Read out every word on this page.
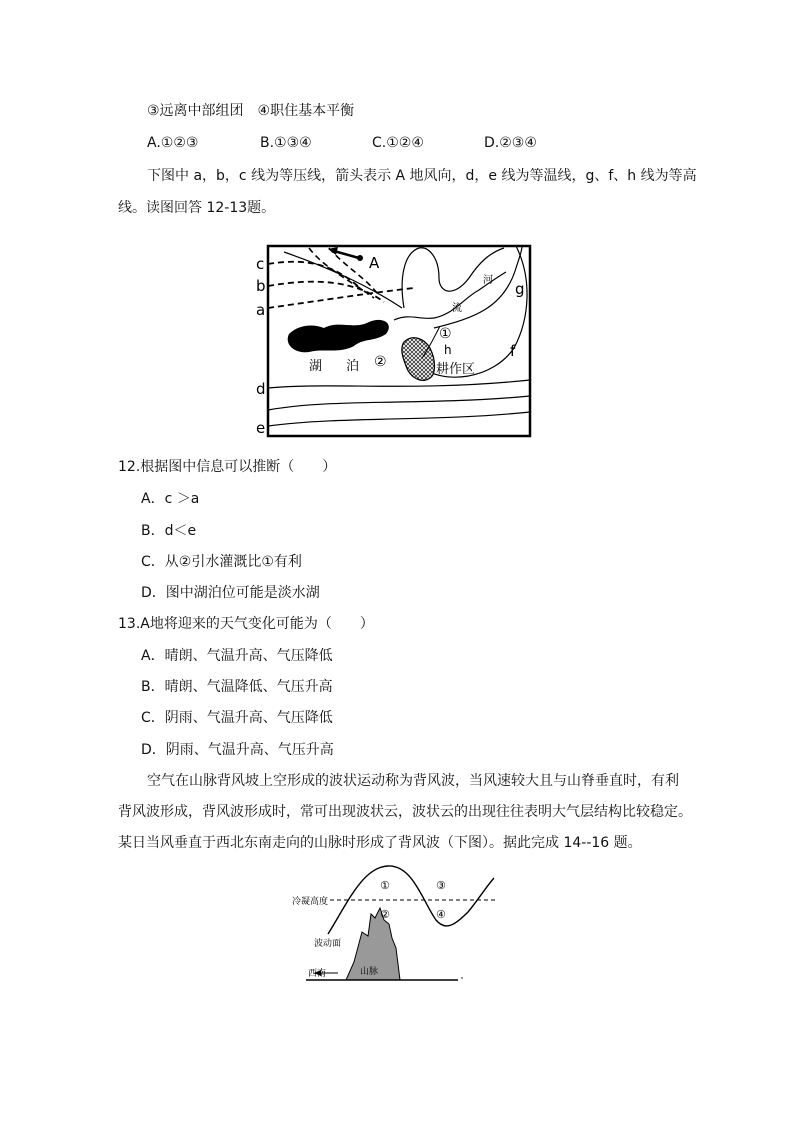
③远离中部组团　④职住基本平衡
A.①②③	B.①③④	C.①②④	D.②③④
下图中 a，b，c 线为等压线，箭头表示 A 地风向，d，e 线为等温线，g、f、h 线为等高
线。读图回答 12-13题。
c
b
a
d
e
A
g
f
h
①
②
湖 泊	耕作区
河
流
12.根据图中信息可以推断（　　）
A．c ＞a
B．d＜e
C．从②引水灌溉比①有利
D．图中湖泊位可能是淡水湖
13.A地将迎来的天气变化可能为（　　）
A．晴朗、气温升高、气压降低
B．晴朗、气温降低、气压升高
C．阴雨、气温升高、气压降低
D．阴雨、气温升高、气压升高
空气在山脉背风坡上空形成的波状运动称为背风波，当风速较大且与山脊垂直时，有利
背风波形成，背风波形成时，常可出现波状云，波状云的出现往往表明大气层结构比较稳定。
某日当风垂直于西北东南走向的山脉时形成了背风波（下图）。据此完成 14--16 题。
冷凝高度
波动面
西南	山脉
①
②
③
④
